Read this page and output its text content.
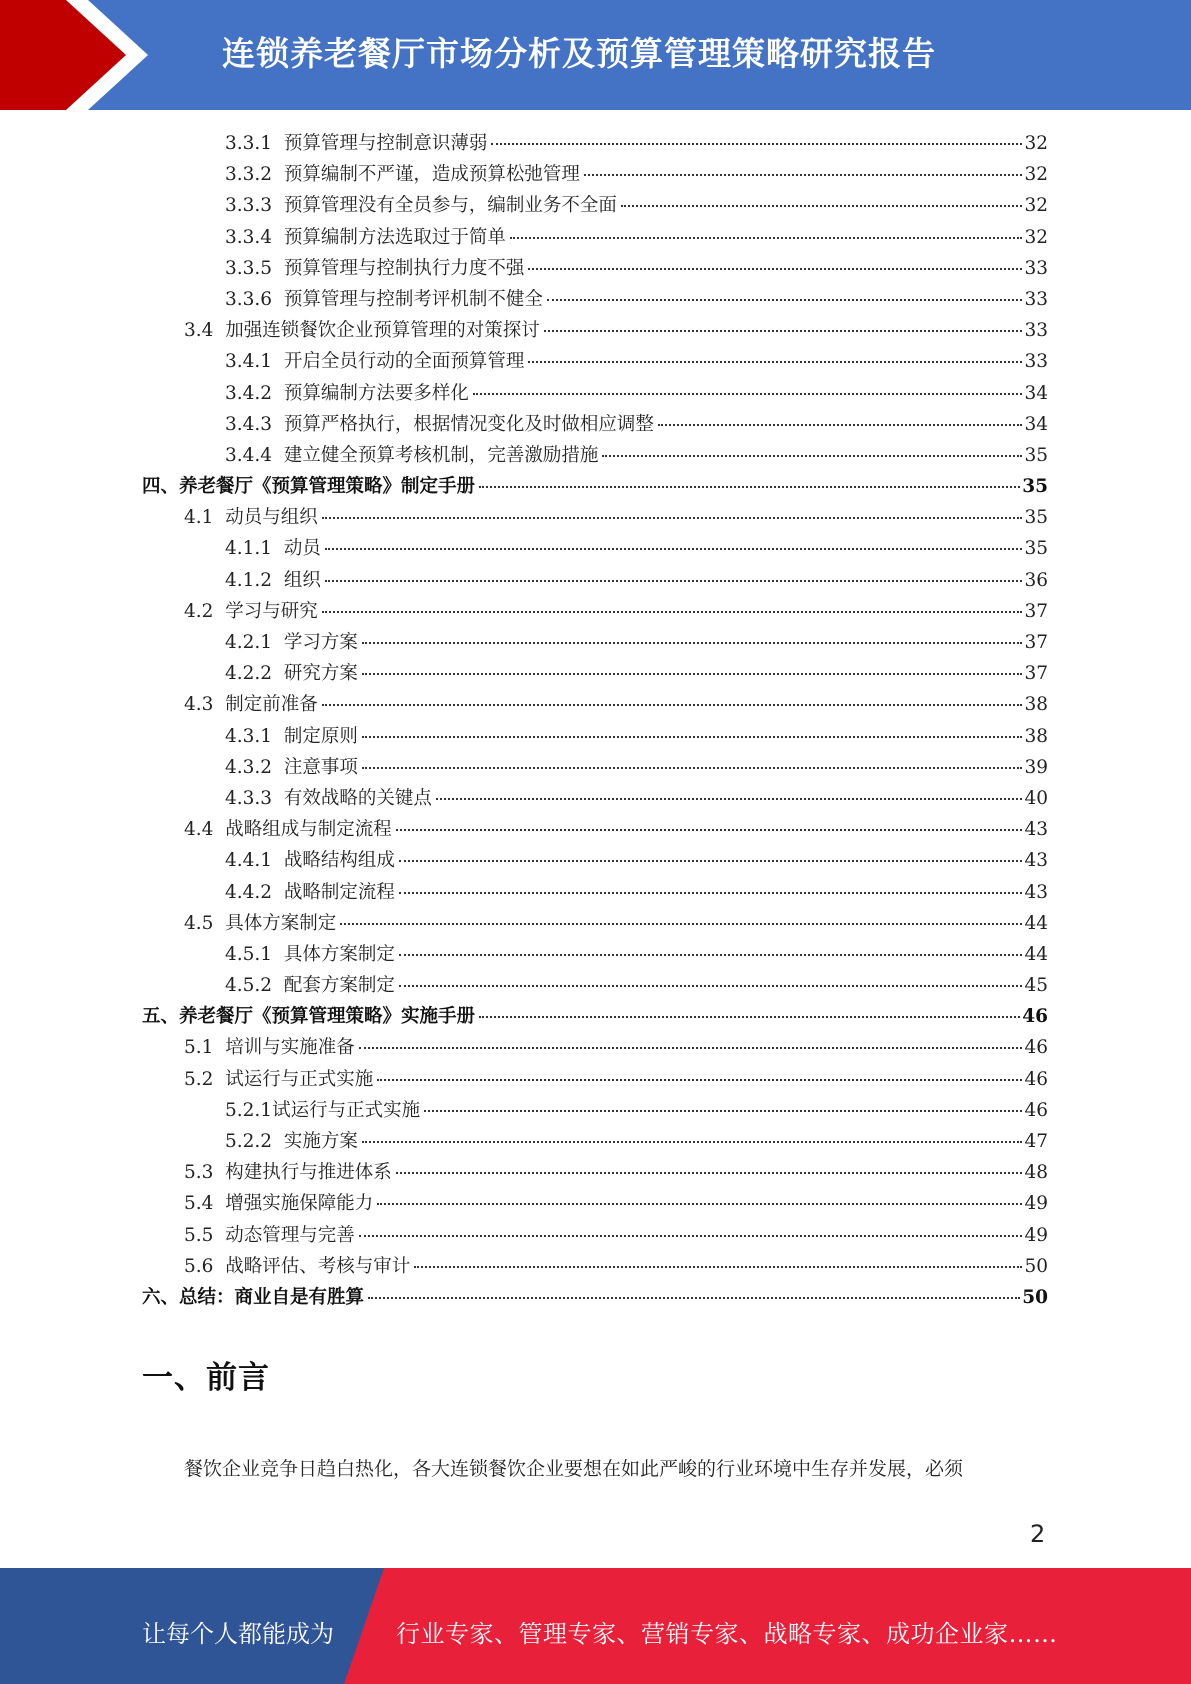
连锁养老餐厅市场分析及预算管理策略研究报告
3.3.1 预算管理与控制意识薄弱	32
3.3.2 预算编制不严谨，造成预算松弛管理	32
3.3.3 预算管理没有全员参与，编制业务不全面	32
3.3.4 预算编制方法选取过于简单	32
3.3.5 预算管理与控制执行力度不强	33
3.3.6 预算管理与控制考评机制不健全	33
3.4 加强连锁餐饮企业预算管理的对策探讨	33
3.4.1 开启全员行动的全面预算管理	33
3.4.2 预算编制方法要多样化	34
3.4.3 预算严格执行，根据情况变化及时做相应调整	34
3.4.4 建立健全预算考核机制，完善激励措施	35
四、养老餐厅《预算管理策略》制定手册	35
4.1 动员与组织	35
4.1.1 动员	35
4.1.2 组织	36
4.2 学习与研究	37
4.2.1 学习方案	37
4.2.2 研究方案	37
4.3 制定前准备	38
4.3.1 制定原则	38
4.3.2 注意事项	39
4.3.3 有效战略的关键点	40
4.4 战略组成与制定流程	43
4.4.1 战略结构组成	43
4.4.2 战略制定流程	43
4.5 具体方案制定	44
4.5.1 具体方案制定	44
4.5.2 配套方案制定	45
五、养老餐厅《预算管理策略》实施手册	46
5.1 培训与实施准备	46
5.2 试运行与正式实施	46
5.2.1试运行与正式实施	46
5.2.2 实施方案	47
5.3 构建执行与推进体系	48
5.4 增强实施保障能力	49
5.5 动态管理与完善	49
5.6 战略评估、考核与审计	50
六、总结：商业自是有胜算	50
一、前言
餐饮企业竞争日趋白热化，各大连锁餐饮企业要想在如此严峻的行业环境中生存并发展，必须
2
让每个人都能成为	行业专家、管理专家、营销专家、战略专家、成功企业家……
